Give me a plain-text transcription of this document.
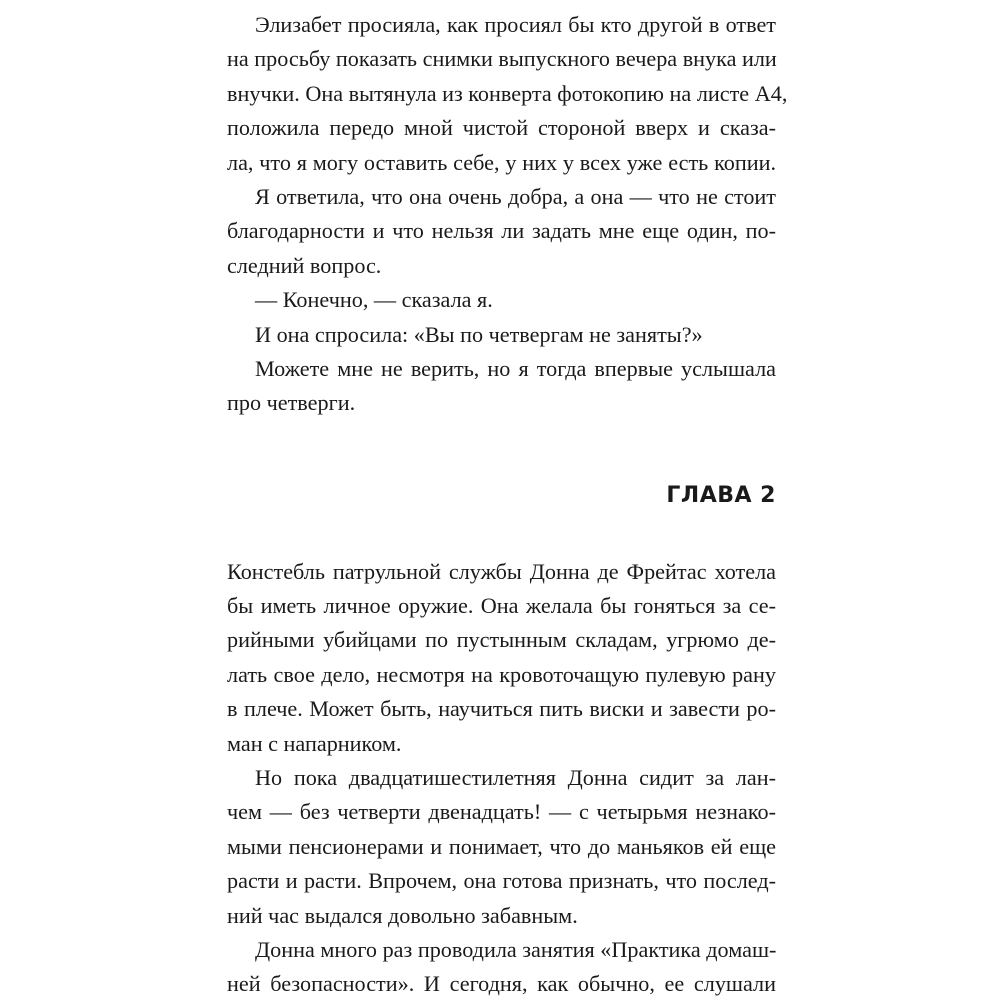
Элизабет просияла, как просиял бы кто другой в ответ
на просьбу показать снимки выпускного вечера внука или
внучки. Она вытянула из конверта фотокопию на листе А4,
положила передо мной чистой стороной вверх и сказа-
ла, что я могу оставить себе, у них у всех уже есть копии.
Я ответила, что она очень добра, а она — что не стоит
благодарности и что нельзя ли задать мне еще один, по-
следний вопрос.
— Конечно, — сказала я.
И она спросила: «Вы по четвергам не заняты?»
Можете мне не верить, но я тогда впервые услышала
про четверги.
ГЛАВА 2
Констебль патрульной службы Донна де Фрейтас хотела
бы иметь личное оружие. Она желала бы гоняться за се-
рийными убийцами по пустынным складам, угрюмо де-
лать свое дело, несмотря на кровоточащую пулевую рану
в плече. Может быть, научиться пить виски и завести ро-
ман с напарником.
Но пока двадцатишестилетняя Донна сидит за лан-
чем — без четверти двенадцать! — с четырьмя незнако-
мыми пенсионерами и понимает, что до маньяков ей еще
расти и расти. Впрочем, она готова признать, что послед-
ний час выдался довольно забавным.
Донна много раз проводила занятия «Практика домаш-
ней безопасности». И сегодня, как обычно, ее слушали
